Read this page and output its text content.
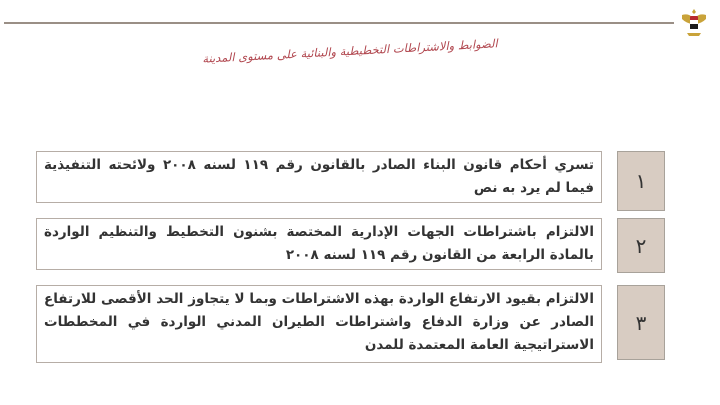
الضوابط والاشتراطات التخطيطية والبنائية على مستوى المدينة
تسري أحكام قانون البناء الصادر بالقانون رقم ١١٩ لسنه ٢٠٠٨ ولائحته التنفيذية فيما لم يرد به نص	١
الالتزام باشتراطات الجهات الإدارية المختصة بشنون التخطيط والتنظيم الواردة بالمادة الرابعة من القانون رقم ١١٩ لسنه ٢٠٠٨	٢
الالتزام بقيود الارتفاع الواردة بهذه الاشتراطات وبما لا يتجاوز الحد الأقصى للارتفاع الصادر عن وزارة الدفاع واشتراطات الطيران المدني الواردة في المخططات الاستراتيجية العامة المعتمدة للمدن
٣
